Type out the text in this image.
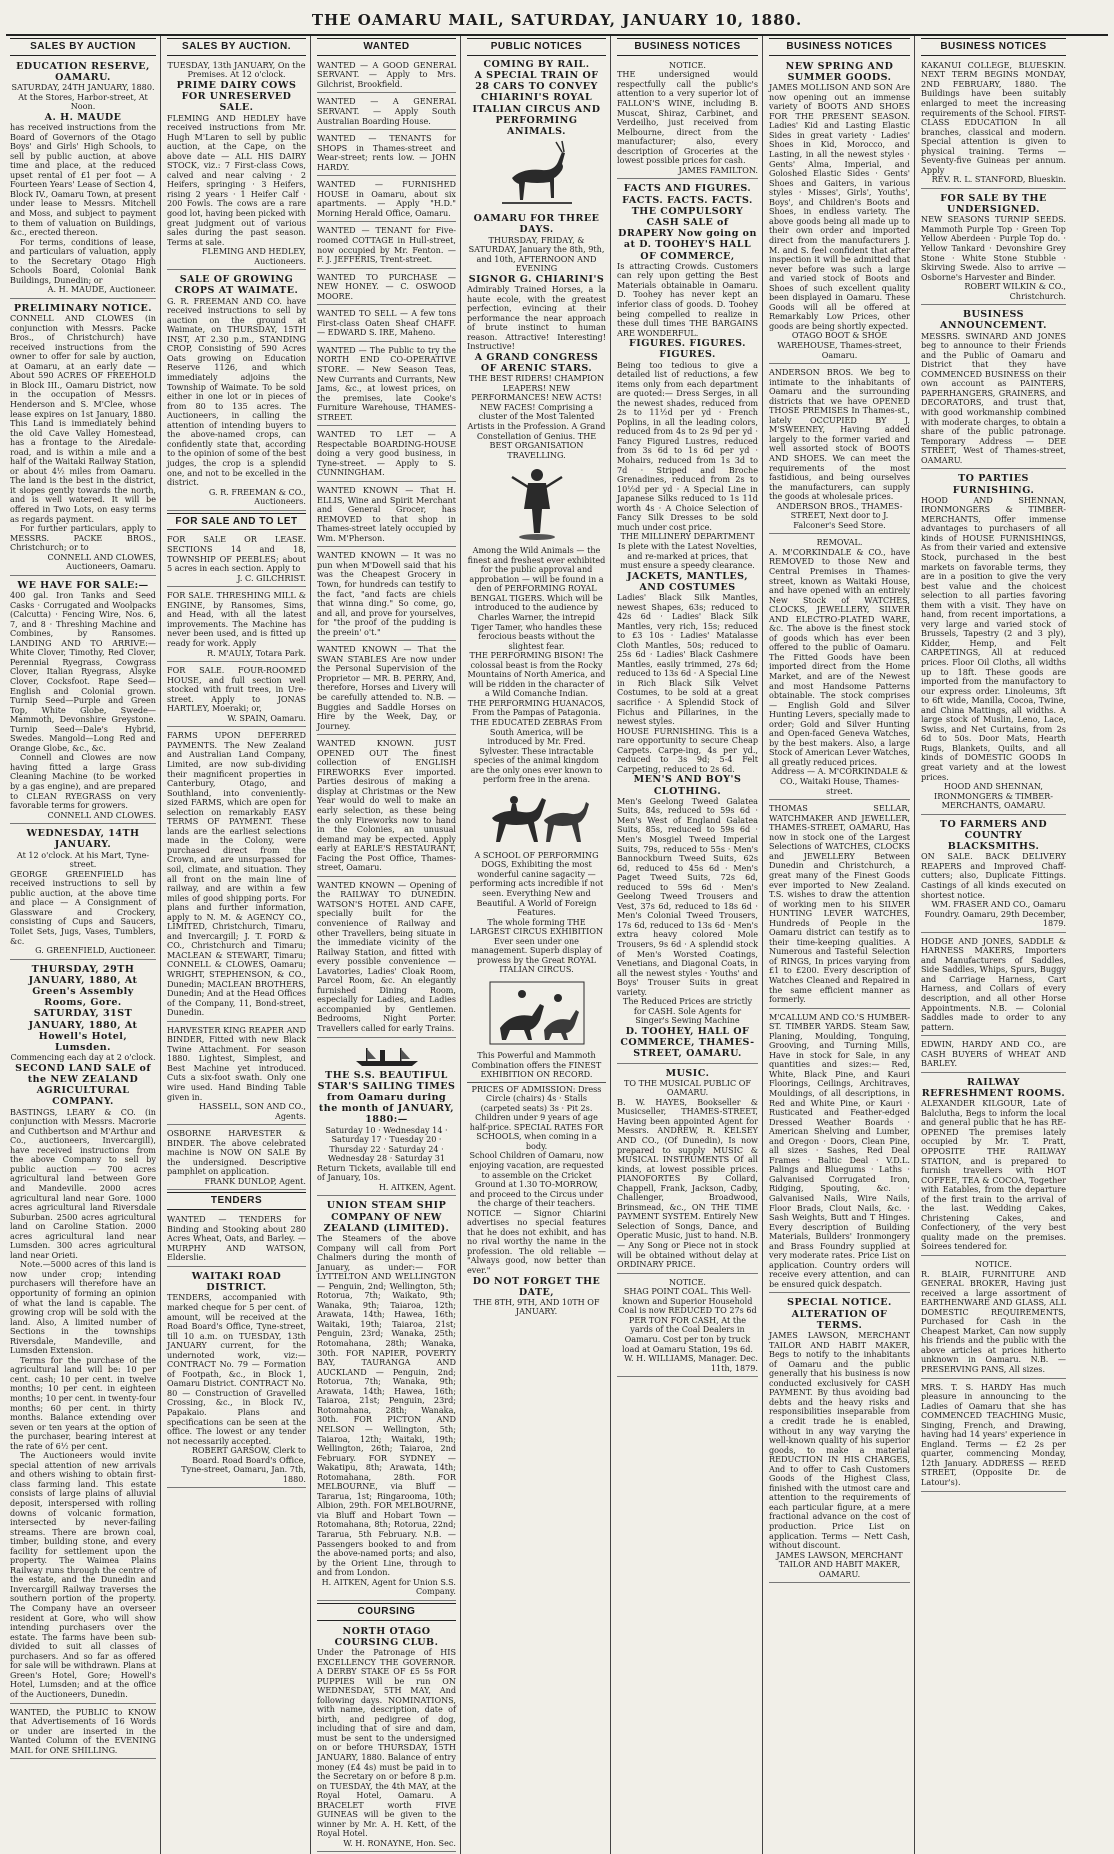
THE OAMARU MAIL, SATURDAY, JANUARY 10, 1880.
SALES BY AUCTION
EDUCATION RESERVE, OAMARU.
SATURDAY, 24TH JANUARY, 1880.
At the Stores, Harbor-street, At Noon.
A. H. MAUDE
has received instructions from the Board of Governors of the Otago Boys' and Girls' High Schools, to sell by public auction, at above time and place, at the reduced upset rental of £1 per foot — A Fourteen Years' Lease of Section 4, Block IV., Oamaru Town, at present under lease to Messrs. Mitchell and Moss, and subject to payment to them of valuation on Buildings, &c., erected thereon.
For terms, conditions of lease, and particulars of valuation, apply to the Secretary Otago High Schools Board, Colonial Bank Buildings, Dunedin; or
A. H. MAUDE, Auctioneer.
PRELIMINARY NOTICE.
CONNELL AND CLOWES (in conjunction with Messrs. Packe Bros., of Christchurch) have received instructions from the owner to offer for sale by auction, at Oamaru, at an early date — About 590 ACRES OF FREEHOLD in Block III., Oamaru District, now in the occupation of Messrs. Henderson and S. M'Clee, whose lease expires on 1st January, 1880. This Land is immediately behind the old Cave Valley Homestead, has a frontage to the Airedale-road, and is within a mile and a half of the Waitaki Railway Station, or about 4½ miles from Oamaru. The land is the best in the district, it slopes gently towards the north, and is well watered. It will be offered in Two Lots, on easy terms as regards payment.
For further particulars, apply to MESSRS. PACKE BROS., Christchurch; or to
CONNELL AND CLOWES, Auctioneers, Oamaru.
WE HAVE FOR SALE:—
400 gal. Iron Tanks and Seed Casks · Corrugated and Woolpacks (Calcutta) · Fencing Wire, Nos. 6, 7, and 8 · Threshing Machine and Combines, by Ransomes. LANDING AND TO ARRIVE:— White Clover, Timothy, Red Clover, Perennial Ryegrass, Cowgrass Clover, Italian Ryegrass, Alsyke Clover, Cocksfoot. Rape Seed—English and Colonial grown. Turnip Seed—Purple and Green Top, White Globe, Swede—Mammoth, Devonshire Greystone. Turnip Seed—Dale's Hybrid, Swedes. Mangold—Long Red and Orange Globe, &c., &c.
Connell and Clowes are now having fitted a large Grass Cleaning Machine (to be worked by a gas engine), and are prepared to CLEAN RYEGRASS on very favorable terms for growers.
CONNELL AND CLOWES.
WEDNESDAY, 14TH JANUARY.
At 12 o'clock. At his Mart, Tyne-street.
GEORGE GREENFIELD has received instructions to sell by public auction, at the above time and place — A Consignment of Glassware and Crockery, consisting of Cups and Saucers, Toilet Sets, Jugs, Vases, Tumblers, &c.
G. GREENFIELD, Auctioneer.
THURSDAY, 29TH JANUARY, 1880, At Green's Assembly Rooms, Gore. SATURDAY, 31ST JANUARY, 1880, At Howell's Hotel, Lumsden.
Commencing each day at 2 o'clock.
SECOND LAND SALE of the NEW ZEALAND AGRICULTURAL COMPANY.
BASTINGS, LEARY & CO. (in conjunction with Messrs. Macrorie and Cuthbertson and M'Arthur and Co., auctioneers, Invercargill), have received instructions from the above Company to sell by public auction — 700 acres agricultural land between Gore and Mandeville. 2000 acres agricultural land near Gore. 1000 acres agricultural land Riversdale Suburban. 2500 acres agricultural land on Caroline Station. 2000 acres agricultural land near Lumsden. 300 acres agricultural land near Orieti.
Note.—5000 acres of this land is now under crop; intending purchasers will therefore have an opportunity of forming an opinion of what the land is capable. The growing crop will be sold with the land. Also, A limited number of Sections in the townships Riversdale, Mandeville, and Lumsden Extension.
Terms for the purchase of the agricultural land will be: 10 per cent. cash; 10 per cent. in twelve months; 10 per cent. in eighteen months; 10 per cent. in twenty-four months; 60 per cent. in thirty months. Balance extending over seven or ten years at the option of the purchaser, bearing interest at the rate of 6½ per cent.
The Auctioneers would invite special attention of new arrivals and others wishing to obtain first-class farming land. This estate consists of large plains of alluvial deposit, interspersed with rolling downs of volcanic formation, intersected by never-failing streams. There are brown coal, timber, building stone, and every facility for settlement upon the property. The Waimea Plains Railway runs through the centre of the estate, and the Dunedin and Invercargill Railway traverses the southern portion of the property. The Company have an overseer resident at Gore, who will show intending purchasers over the estate. The farms have been sub-divided to suit all classes of purchasers. And so far as offered for sale will be withdrawn. Plans at Green's Hotel, Gore; Howell's Hotel, Lumsden; and at the office of the Auctioneers, Dunedin.
WANTED, the PUBLIC to KNOW that Advertisements of 16 Words or under are inserted in the Wanted Column of the EVENING MAIL for ONE SHILLING.
SALES BY AUCTION.
TUESDAY, 13th JANUARY, On the Premises. At 12 o'clock.
PRIME DAIRY COWS FOR UNRESERVED SALE.
FLEMING AND HEDLEY have received instructions from Mr. Hugh M'Laren to sell by public auction, at the Cape, on the above date — ALL HIS DAIRY STOCK, viz.: 7 First-class Cows, calved and near calving · 2 Heifers, springing · 3 Heifers, rising 2 years · 1 Heifer Calf · 200 Fowls. The cows are a rare good lot, having been picked with great judgment out of various sales during the past season. Terms at sale.
FLEMING AND HEDLEY, Auctioneers.
SALE OF GROWING CROPS AT WAIMATE.
G. R. FREEMAN AND CO. have received instructions to sell by auction on the ground at Waimate, on THURSDAY, 15TH INST, AT 2.30 p.m., STANDING CROP, Consisting of 590 Acres Oats growing on Education Reserve 1126, and which immediately adjoins the Township of Waimate. To be sold either in one lot or in pieces of from 80 to 135 acres. The Auctioneers, in calling the attention of intending buyers to the above-named crops, can confidently state that, according to the opinion of some of the best judges, the crop is a splendid one, and not to be excelled in the district.
G. R. FREEMAN & CO., Auctioneers.
FOR SALE AND TO LET
FOR SALE OR LEASE. SECTIONS 14 and 18, TOWNSHIP OF PEEBLES; about 5 acres in each section. Apply to
J. C. GILCHRIST.
FOR SALE. THRESHING MILL & ENGINE, by Ransomes, Sims, and Head, with all the latest improvements. The Machine has never been used, and is fitted up ready for work. Apply
R. M'AULY, Totara Park.
FOR SALE. FOUR-ROOMED HOUSE, and full section well stocked with fruit trees, in Ure-street. Apply to JONAS HARTLEY, Moeraki; or,
W. SPAIN, Oamaru.
FARMS UPON DEFERRED PAYMENTS. The New Zealand and Australian Land Company, Limited, are now sub-dividing their magnificent properties in Canterbury, Otago, and Southland, into conveniently-sized FARMS, which are open for selection on remarkably EASY TERMS OF PAYMENT. These lands are the earliest selections made in the Colony, were purchased direct from the Crown, and are unsurpassed for soil, climate, and situation. They all front on the main line of railway, and are within a few miles of good shipping ports. For plans and further information, apply to N. M. & AGENCY CO., LIMITED, Christchurch, Timaru, and Invercargill; J. T. FORD & CO., Christchurch and Timaru; MACLEAN & STEWART, Timaru; CONNELL & CLOWES, Oamaru; WRIGHT, STEPHENSON, & CO., Dunedin; MACLEAN BROTHERS, Dunedin; And at the Head Offices of the Company, 11, Bond-street, Dunedin.
HARVESTER KING REAPER AND BINDER, Fitted with new Black Twine Attachment. For season 1880. Lightest, Simplest, and Best Machine yet introduced. Cuts a six-foot swath. Only one wire used. Hand Binding Table given in.
HASSELL, SON AND CO., Agents.
OSBORNE HARVESTER & BINDER. The above celebrated machine is NOW ON SALE By the undersigned. Descriptive pamphlet on application.
FRANK DUNLOP, Agent.
TENDERS
WANTED — TENDERS for Binding and Stooking about 280 Acres Wheat, Oats, and Barley. — MURPHY AND WATSON, Elderslie.
WAITAKI ROAD DISTRICT.
TENDERS, accompanied with marked cheque for 5 per cent. of amount, will be received at the Road Board's Office, Tyne-street, till 10 a.m. on TUESDAY, 13th JANUARY current, for the undernoted work, viz:— CONTRACT No. 79 — Formation of Footpath, &c., in Block 1, Oamaru District. CONTRACT No. 80 — Construction of Gravelled Crossing, &c., in Block IV., Papakaio. Plans and specifications can be seen at the office. The lowest or any tender not necessarily accepted.
ROBERT GARSOW, Clerk to Board. Road Board's Office, Tyne-street, Oamaru, Jan. 7th, 1880.
WANTED
WANTED — A GOOD GENERAL SERVANT. — Apply to Mrs. Gilchrist, Brookfield.
WANTED — A GENERAL SERVANT. — Apply South Australian Boarding House.
WANTED — TENANTS for SHOPS in Thames-street and Wear-street; rents low. — JOHN HARDY.
WANTED — FURNISHED HOUSE in Oamaru, about six apartments. — Apply "H.D." Morning Herald Office, Oamaru.
WANTED — TENANT for Five-roomed COTTAGE in Hull-street, now occupied by Mr. Fenton. — F. J. JEFFERIS, Trent-street.
WANTED TO PURCHASE — NEW HONEY. — C. OSWOOD MOORE.
WANTED TO SELL — A few tons First-class Oaten Sheaf CHAFF. — EDWARD S. IRE, Maheno.
WANTED — The Public to try the NORTH END CO-OPERATIVE STORE. — New Season Teas, New Currants and Currants, New Jams, &c., at lowest prices, on the premises, late Cooke's Furniture Warehouse, THAMES-STREET.
WANTED TO LET — A Respectable BOARDING-HOUSE doing a very good business, in Tyne-street. — Apply to S. CUNNINGHAM.
WANTED KNOWN — That H. ELLIS, Wine and Spirit Merchant and General Grocer, has REMOVED to that shop in Thames-street lately occupied by Wm. M'Pherson.
WANTED KNOWN — It was no pun when M'Dowell said that his was the Cheapest Grocery in Town, for hundreds can testify to the fact, "and facts are chiels that winna ding." So come, go, and all, and prove for yourselves, for "the proof of the pudding is the preein' o't."
WANTED KNOWN — That the SWAN STABLES Are now under the Personal Supervision of the Proprietor — MR. B. PERRY, And, therefore, Horses and Livery will be carefully attended to. N.B. — Buggies and Saddle Horses on Hire by the Week, Day, or Journey.
WANTED KNOWN. JUST OPENED OUT The finest collection of ENGLISH FIREWORKS Ever imported. Parties desirous of making a display at Christmas or the New Year would do well to make an early selection, as these being the only Fireworks now to hand in the Colonies, an unusual demand may be expected. Apply early at EARLE'S RESTAURANT, Facing the Post Office, Thames-street, Oamaru.
WANTED KNOWN — Opening of the RAILWAY TO DUNEDIN. WATSON'S HOTEL AND CAFE, specially built for the convenience of Railway and other Travellers, being situate in the immediate vicinity of the Railway Station, and fitted with every possible convenience — Lavatories, Ladies' Cloak Room, Parcel Room, &c. An elegantly furnished Dining Room, especially for Ladies, and Ladies accompanied by Gentlemen. Bedrooms, Night Porter. Travellers called for early Trains.
THE S.S. BEAUTIFUL STAR'S SAILING TIMES from Oamaru during the month of JANUARY, 1880:—
Saturday 10 · Wednesday 14 · Saturday 17 · Tuesday 20 · Thursday 22 · Saturday 24 · Wednesday 28 · Saturday 31
Return Tickets, available till end of January, 10s.
H. AITKEN, Agent.
UNION STEAM SHIP COMPANY OF NEW ZEALAND (LIMITED).
The Steamers of the above Company will call from Port Chalmers during the month of January, as under:— FOR LYTTELTON AND WELLINGTON — Penguin, 2nd; Wellington, 5th; Rotorua, 7th; Waikato, 9th; Wanaka, 9th; Taiaroa, 12th; Arawata, 14th; Hawea, 16th; Waitaki, 19th; Taiaroa, 21st; Penguin, 23rd; Wanaka, 25th; Rotomahana, 28th; Wanaka, 30th. FOR NAPIER, POVERTY BAY, TAURANGA AND AUCKLAND — Penguin, 2nd; Rotorua, 7th; Wanaka, 9th; Arawata, 14th; Hawea, 16th; Taiaroa, 21st; Penguin, 23rd; Rotomahana, 28th; Wanaka, 30th. FOR PICTON AND NELSON — Wellington, 5th; Taiaroa, 12th; Waitaki, 19th; Wellington, 26th; Taiaroa, 2nd February. FOR SYDNEY — Wakatipu, 8th; Arawata, 14th; Rotomahana, 28th. FOR MELBOURNE, via Bluff — Tararua, 1st; Ringarooma, 10th; Albion, 29th. FOR MELBOURNE, via Bluff and Hobart Town — Rotomahana, 8th; Rotorua, 22nd; Tararua, 5th February. N.B. — Passengers booked to and from the above-named ports; and also, by the Orient Line, through to and from London.
H. AITKEN, Agent for Union S.S. Company.
COURSING
NORTH OTAGO COURSING CLUB.
Under the Patronage of HIS EXCELLENCY THE GOVERNOR. A DERBY STAKE OF £5 5s FOR PUPPIES Will be run ON WEDNESDAY, 5TH MAY, And following days. NOMINATIONS, with name, description, date of birth, and pedigree of dog, including that of sire and dam, must be sent to the undersigned on or before THURSDAY, 15TH JANUARY, 1880. Balance of entry money (£4 4s) must be paid in to the Secretary on or before 8 p.m. on TUESDAY, the 4th MAY, at the Royal Hotel, Oamaru. A BRACELET worth FIVE GUINEAS will be given to the winner by Mr. A. H. Kett, of the Royal Hotel.
W. H. RONAYNE, Hon. Sec.
PUBLIC NOTICES
COMING BY RAIL.
A SPECIAL TRAIN OF 28 CARS TO CONVEY CHIARINI'S ROYAL ITALIAN CIRCUS AND PERFORMING ANIMALS.
OAMARU FOR THREE DAYS.
THURSDAY, FRIDAY, & SATURDAY, January the 8th, 9th, and 10th, AFTERNOON AND EVENING
SIGNOR G. CHIARINI'S
Admirably Trained Horses, a la haute ecole, with the greatest perfection, evincing at their performance the near approach of brute instinct to human reason. Attractive! Interesting! Instructive!
A GRAND CONGRESS OF ARENIC STARS.
THE BEST RIDERS! CHAMPION LEAPERS! NEW PERFORMANCES! NEW ACTS! NEW FACES! Comprising a cluster of the Most Talented Artists in the Profession. A Grand Constellation of Genius. THE BEST ORGANISATION TRAVELLING.
Among the Wild Animals — the finest and freshest ever exhibited for the public approval and approbation — will be found in a den of PERFORMING ROYAL BENGAL TIGERS. Which will be introduced to the audience by Charles Warner, the intrepid Tiger Tamer, who handles these ferocious beasts without the slightest fear.
THE PERFORMING BISON! The colossal beast is from the Rocky Mountains of North America, and will be ridden in the character of a Wild Comanche Indian.
THE PERFORMING HUANACOS, From the Pampas of Patagonia.
THE EDUCATED ZEBRAS From South America, will be introduced by Mr. Fred. Sylvester. These intractable species of the animal kingdom are the only ones ever known to perform free in the arena.
A SCHOOL OF PERFORMING DOGS, Exhibiting the most wonderful canine sagacity — performing acts incredible if not seen. Everything New and Beautiful. A World of Foreign Features.
The whole forming THE LARGEST CIRCUS EXHIBITION Ever seen under one management. Superb display of prowess by the Great ROYAL ITALIAN CIRCUS.
This Powerful and Mammoth Combination offers the FINEST EXHIBITION ON RECORD.
PRICES OF ADMISSION: Dress Circle (chairs) 4s · Stalls (carpeted seats) 3s · Pit 2s. Children under 9 years of age half-price. SPECIAL RATES FOR SCHOOLS, when coming in a body.
School Children of Oamaru, now enjoying vacation, are requested to assemble on the Cricket Ground at 1.30 TO-MORROW, and proceed to the Circus under the charge of their teachers.
NOTICE — Signor Chiarini advertises no special features that he does not exhibit, and has no rival worthy the name in the profession. The old reliable — "Always good, now better than ever."
DO NOT FORGET THE DATE,
THE 8TH, 9TH, AND 10TH OF JANUARY.
BUSINESS NOTICES
NOTICE.
THE undersigned would respectfully call the public's attention to a very superior lot of FALLON'S WINE, including B. Muscat, Shiraz, Carbinet, and Verdeilho, just received from Melbourne, direct from the manufacturer; also, every description of Groceries at the lowest possible prices for cash.
JAMES FAMILTON.
FACTS AND FIGURES. FACTS. FACTS. FACTS.
THE COMPULSORY CASH SALE of DRAPERY Now going on at D. TOOHEY'S HALL OF COMMERCE,
Is attracting Crowds. Customers can rely upon getting the Best Materials obtainable in Oamaru. D. Toohey has never kept an inferior class of goods. D. Toohey being compelled to realize in these dull times THE BARGAINS ARE WONDERFUL.
FIGURES. FIGURES. FIGURES.
Being too tedious to give a detailed list of reductions, a few items only from each department are quoted:— Dress Serges, in all the newest shades, reduced from 2s to 11½d per yd · French Poplins, in all the leading colors, reduced from 4s to 2s 9d per yd · Fancy Figured Lustres, reduced from 3s 6d to 1s 6d per yd · Mohairs, reduced from 1s 3d to 7d · Striped and Broche Grenadines, reduced from 2s to 10½d per yd · A Special Line in Japanese Silks reduced to 1s 11d worth 4s · A Choice Selection of Fancy Silk Dresses to be sold much under cost price.
THE MILLINERY DEPARTMENT Is plete with the Latest Novelties, and re-marked at prices, that must ensure a speedy clearance.
JACKETS, MANTLES, AND COSTUMES
Ladies' Black Silk Mantles, newest Shapes, 63s; reduced to 42s 6d · Ladies' Black Silk Mantles, very rich, 15s; reduced to £3 10s · Ladies' Matalasse Cloth Mantles, 50s; reduced to 25s 6d · Ladies' Black Cashmere Mantles, easily trimmed, 27s 6d; reduced to 13s 6d · A Special Line in Rich Black Silk Velvet Costumes, to be sold at a great sacrifice · A Splendid Stock of Fichus and Pillarines, in the newest styles.
HOUSE FURNISHING. This is a rare opportunity to secure Cheap Carpets. Carpe-ing, 4s per yd., reduced to 3s 9d; 5-4 Felt Carpeting, reduced to 2s 6d.
MEN'S AND BOY'S CLOTHING.
Men's Geelong Tweed Galatea Suits, 84s, reduced to 59s 6d · Men's West of England Galatea Suits, 85s, reduced to 59s 6d · Men's Mosgiel Tweed Imperial Suits, 79s, reduced to 55s · Men's Bannockburn Tweed Suits, 62s 6d, reduced to 45s 6d · Men's Paget Tweed Suits, 72s 6d, reduced to 59s 6d · Men's Geelong Tweed Trousers and Vest, 37s 6d, reduced to 18s 6d · Men's Colonial Tweed Trousers, 17s 6d, reduced to 13s 6d · Men's extra heavy colored Mole Trousers, 9s 6d · A splendid stock of Men's Worsted Coatings, Venetians, and Diagonal Coats, in all the newest styles · Youths' and Boys' Trouser Suits in great variety.
The Reduced Prices are strictly for CASH. Sole Agents for Singer's Sewing Machine
D. TOOHEY, HALL OF COMMERCE, THAMES-STREET, OAMARU.
MUSIC.
TO THE MUSICAL PUBLIC OF OAMARU.
B. W. HAYES, Bookseller & Musicseller, THAMES-STREET, Having been appointed Agent for Messrs. ANDREW, R. KELSEY AND CO., (Of Dunedin), Is now prepared to supply MUSIC & MUSICAL INSTRUMENTS Of all kinds, at lowest possible prices. PIANOFORTES By Collard, Chappell, Frank, Jackson, Cadby, Challenger, Broadwood, Brinsmead, &c., ON THE TIME PAYMENT SYSTEM. Entirely New Selection of Songs, Dance, and Operatic Music, just to hand. N.B. — Any Song or Piece not in stock will be obtained without delay at ORDINARY PRICE.
NOTICE.
SHAG POINT COAL. This Well-known and Superior Household Coal is now REDUCED TO 27s 6d PER TON FOR CASH, At the yards of the Coal Dealers in Oamaru. Cost per ton by truck load at Oamaru Station, 19s 6d.
W. H. WILLIAMS, Manager. Dec. 11th, 1879.
BUSINESS NOTICES
NEW SPRING AND SUMMER GOODS.
JAMES MOLLISON AND SON Are now opening out an immense variety of BOOTS AND SHOES FOR THE PRESENT SEASON. Ladies' Kid and Lasting Elastic Sides in great variety · Ladies' Shoes in Kid, Morocco, and Lasting, in all the newest styles · Gents' Alma, Imperial, and Goloshed Elastic Sides · Gents' Shoes and Gaiters, in various styles · Misses', Girls', Youths', Boys', and Children's Boots and Shoes, in endless variety. The above goods being all made up to their own order and imported direct from the manufacturers J. M. and S. feel confident that after inspection it will be admitted that never before was such a large and varied stock of Boots and Shoes of such excellent quality been displayed in Oamaru. These Goods will all be offered at Remarkably Low Prices, other goods are being shortly expected.
OTAGO BOOT & SHOE WAREHOUSE, Thames-street, Oamaru.
ANDERSON BROS. We beg to intimate to the inhabitants of Oamaru and the surrounding districts that we have OPENED THOSE PREMISES In Thames-st., lately OCCUPIED BY J. M'SWEENEY, Having added largely to the former varied and well assorted stock of BOOTS AND SHOES. We can meet the requirements of the most fastidious, and being ourselves the manufacturers, can supply the goods at wholesale prices.
ANDERSON BROS., THAMES-STREET, Next door to J. Falconer's Seed Store.
REMOVAL.
A. M'CORKINDALE & CO., have REMOVED to those New and Central Premises in Thames-street, known as Waitaki House, and have opened with an entirely New Stock of WATCHES, CLOCKS, JEWELLERY, SILVER AND ELECTRO-PLATED WARE, &c. The above is the finest stock of goods which has ever been offered to the public of Oamaru. The Fitted Goods have been imported direct from the Home Market, and are of the Newest and most Handsome Patterns obtainable. The stock comprises — English Gold and Silver Hunting Levers, specially made to order; Gold and Silver Hunting and Open-faced Geneva Watches, by the best makers. Also, a large Stock of American Lever Watches, all greatly reduced prices.
Address — A. M'CORKINDALE & CO., Waitaki House, Thames-street.
THOMAS SELLAR, WATCHMAKER AND JEWELLER, THAMES-STREET, OAMARU, Has now in stock one of the Largest Selections of WATCHES, CLOCKS and JEWELLERY Between Dunedin and Christchurch, a great many of the Finest Goods ever imported to New Zealand. T.S. wishes to draw the attention of working men to his SILVER HUNTING LEVER WATCHES, Hundreds of People in the Oamaru district can testify as to their time-keeping qualities. A Numerous and Tasteful Selection of RINGS, In prices varying from £1 to £200. Every description of Watches Cleaned and Repaired in the same efficient manner as formerly.
M'CALLUM AND CO.'S HUMBER-ST. TIMBER YARDS. Steam Saw, Planing, Moulding, Tonguing, Grooving, and Turning Mills, Have in stock for Sale, in any quantities and sizes:— Red, White, Black Pine, and Kauri Floorings, Ceilings, Architraves, Mouldings, of all descriptions, in Red and White Pine, or Kauri · Rusticated and Feather-edged Dressed Weather Boards · American Shelving and Lumber, and Oregon · Doors, Clean Pine, all sizes · Sashes, Red Deal Frames · Baltic Deal · V.D.L. Palings and Bluegums · Laths · Galvanised Corrugated Iron, Ridging, Spouting, &c. · Galvanised Nails, Wire Nails, Floor Brads, Clout Nails, &c. · Sash Weights, Butt and T Hinges. Every description of Building Materials, Builders' Ironmongery and Brass Foundry supplied at very moderate rates. Price List on application. Country orders will receive every attention, and can be ensured quick despatch.
SPECIAL NOTICE. ALTERATION OF TERMS.
JAMES LAWSON, MERCHANT TAILOR AND HABIT MAKER, Begs to notify to the inhabitants of Oamaru and the public generally that his business is now conducted exclusively for CASH PAYMENT. By thus avoiding bad debts and the heavy risks and responsibilities inseparable from a credit trade he is enabled, without in any way varying the well-known quality of his superior goods, to make a material REDUCTION IN HIS CHARGES, And to offer to Cash Customers Goods of the Highest Class, finished with the utmost care and attention to the requirements of each particular figure, at a mere fractional advance on the cost of production. Price List on application. Terms — Nett Cash, without discount.
JAMES LAWSON, MERCHANT TAILOR AND HABIT MAKER, OAMARU.
BUSINESS NOTICES
KAKANUI COLLEGE, BLUESKIN. NEXT TERM BEGINS MONDAY, 2ND FEBRUARY, 1880. The Buildings have been suitably enlarged to meet the increasing requirements of the School. FIRST-CLASS EDUCATION In all branches, classical and modern. Special attention is given to physical training. Terms — Seventy-five Guineas per annum. Apply
REV. R. L. STANFORD, Blueskin.
FOR SALE BY THE UNDERSIGNED.
NEW SEASONS TURNIP SEEDS. Mammoth Purple Top · Green Top Yellow Aberdeen · Purple Top do. · Yellow Tankard · Devonshire Grey Stone · White Stone Stubble · Skirving Swede. Also to arrive — Osborne's Harvester and Binder.
ROBERT WILKIN & CO., Christchurch.
BUSINESS ANNOUNCEMENT.
MESSRS. SWINARD AND JONES beg to announce to their Friends and the Public of Oamaru and District that they have COMMENCED BUSINESS on their own account as PAINTERS, PAPERHANGERS, GRAINERS, and DECORATORS, and trust that, with good workmanship combined with moderate charges, to obtain a share of the public patronage. Temporary Address — DEE STREET, West of Thames-street, OAMARU.
TO PARTIES FURNISHING.
HOOD AND SHENNAN, IRONMONGERS & TIMBER-MERCHANTS, Offer immense advantages to purchasers of all kinds of HOUSE FURNISHINGS, As from their varied and extensive Stock, purchased in the best markets on favorable terms, they are in a position to give the very best value and the choicest selection to all parties favoring them with a visit. They have on hand, from recent importations, a very large and varied stock of Brussels, Tapestry (2 and 3 ply), Kidder, Hemp, and Felt CARPETINGS, All at reduced prices. Floor Oil Cloths, all widths up to 18ft. These goods are imported from the manufactory to our express order. Linoleums, 3ft to 6ft wide, Manilla, Cocoa, Twine, and China Mattings, all widths. A large stock of Muslin, Leno, Lace, Swiss, and Net Curtains, from 2s 6d to 50s. Door Mats, Hearth Rugs, Blankets, Quilts, and all kinds of DOMESTIC GOODS In great variety and at the lowest prices.
HOOD AND SHENNAN, IRONMONGERS & TIMBER-MERCHANTS, OAMARU.
TO FARMERS AND COUNTRY BLACKSMITHS.
ON SALE. BACK DELIVERY REAPERS and Improved Chaff-cutters; also, Duplicate Fittings. Castings of all kinds executed on shortest notice.
WM. FRASER AND CO., Oamaru Foundry. Oamaru, 29th December, 1879.
HODGE AND JONES, SADDLE & HARNESS MAKERS, Importers and Manufacturers of Saddles, Side Saddles, Whips, Spurs, Buggy and Carriage Harness, Cart Harness, and Collars of every description, and all other Horse Appointments. N.B. — Colonial Saddles made to order to any pattern.
EDWIN, HARDY AND CO., are CASH BUYERS of WHEAT AND BARLEY.
RAILWAY REFRESHMENT ROOMS.
ALEXANDER KILGOUR, Late of Balclutha, Begs to inform the local and general public that he has RE-OPENED The premises lately occupied by Mr. T. Pratt, OPPOSITE THE RAILWAY STATION, and is prepared to furnish travellers with HOT COFFEE, TEA & COCOA, Together with Eatables, from the departure of the first train to the arrival of the last. Wedding Cakes, Christening Cakes, and Confectionery, of the very best quality made on the premises. Soirees tendered for.
NOTICE.
R. BLAIR, FURNITURE AND GENERAL BROKER, Having just received a large assortment of EARTHENWARE AND GLASS, ALL DOMESTIC REQUIREMENTS, Purchased for Cash in the Cheapest Market, Can now supply his friends and the public with the above articles at prices hitherto unknown in Oamaru. N.B. — PRESERVING PANS, All sizes.
MRS. T. S. HARDY Has much pleasure in announcing to the Ladies of Oamaru that she has COMMENCED TEACHING Music, Singing, French, and Drawing, having had 14 years' experience in England. Terms — £2 2s per quarter, commencing Monday, 12th January. ADDRESS — REED STREET, (Opposite Dr. de Latour's).
